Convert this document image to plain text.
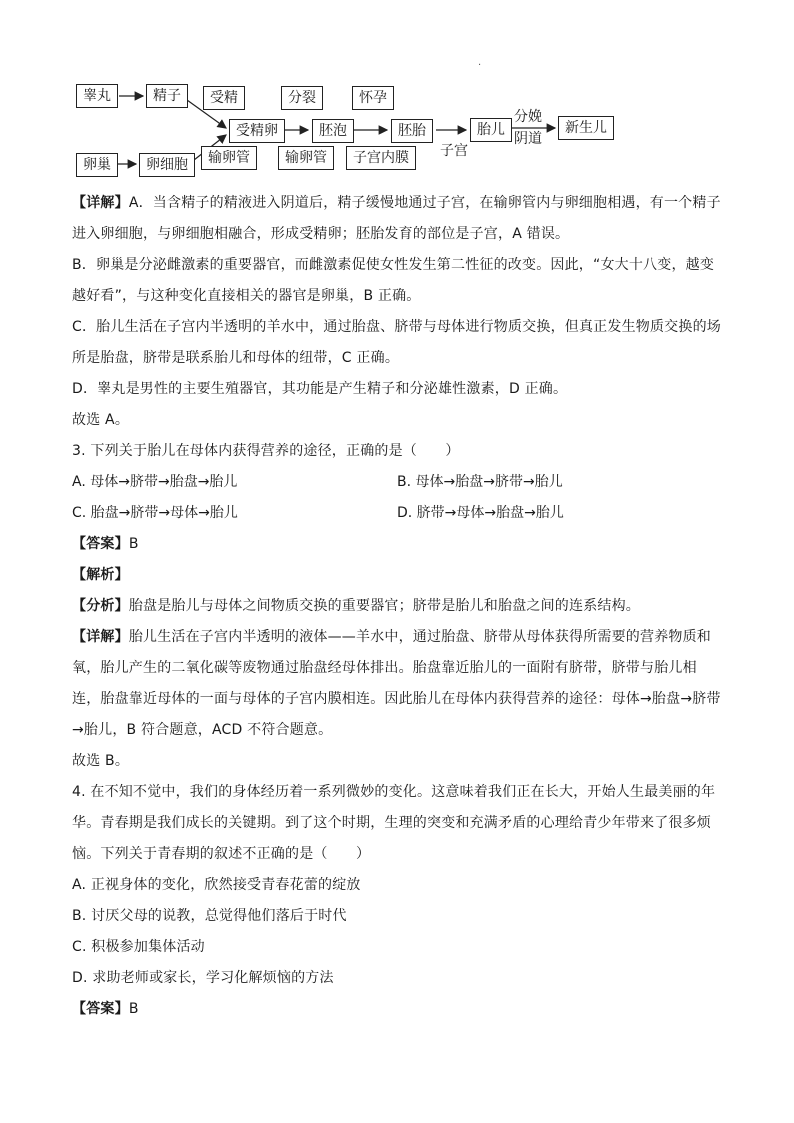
·
睾丸	精子
卵巢	卵细胞
受精
受精卵
输卵管
分裂
胚泡
输卵管
怀孕
胚胎
子宫内膜
胎儿
子宫
分娩
阴道
新生儿

【详解】A．当含精子的精液进入阴道后，精子缓慢地通过子宫，在输卵管内与卵细胞相遇，有一个精子进入卵细胞，与卵细胞相融合，形成受精卵；胚胎发育的部位是子宫，A 错误。

B．卵巢是分泌雌激素的重要器官，而雌激素促使女性发生第二性征的改变。因此，“女大十八变，越变越好看”，与这种变化直接相关的器官是卵巢，B 正确。

C．胎儿生活在子宫内半透明的羊水中，通过胎盘、脐带与母体进行物质交换，但真正发生物质交换的场所是胎盘，脐带是联系胎儿和母体的纽带，C 正确。

D．睾丸是男性的主要生殖器官，其功能是产生精子和分泌雄性激素，D 正确。

故选 A。

3. 下列关于胎儿在母体内获得营养的途径，正确的是（　　）

A. 母体→脐带→胎盘→胎儿	B. 母体→胎盘→脐带→胎儿
C. 胎盘→脐带→母体→胎儿	D. 脐带→母体→胎盘→胎儿

【答案】B

【解析】

【分析】胎盘是胎儿与母体之间物质交换的重要器官；脐带是胎儿和胎盘之间的连系结构。

【详解】胎儿生活在子宫内半透明的液体——羊水中，通过胎盘、脐带从母体获得所需要的营养物质和氧，胎儿产生的二氧化碳等废物通过胎盘经母体排出。胎盘靠近胎儿的一面附有脐带，脐带与胎儿相连，胎盘靠近母体的一面与母体的子宫内膜相连。因此胎儿在母体内获得营养的途径：母体→胎盘→脐带→胎儿，B 符合题意，ACD 不符合题意。

故选 B。

4. 在不知不觉中，我们的身体经历着一系列微妙的变化。这意味着我们正在长大，开始人生最美丽的年华。青春期是我们成长的关键期。到了这个时期，生理的突变和充满矛盾的心理给青少年带来了很多烦恼。下列关于青春期的叙述不正确的是（　　）

A. 正视身体的变化，欣然接受青春花蕾的绽放

B. 讨厌父母的说教，总觉得他们落后于时代

C. 积极参加集体活动

D. 求助老师或家长，学习化解烦恼的方法

【答案】B
